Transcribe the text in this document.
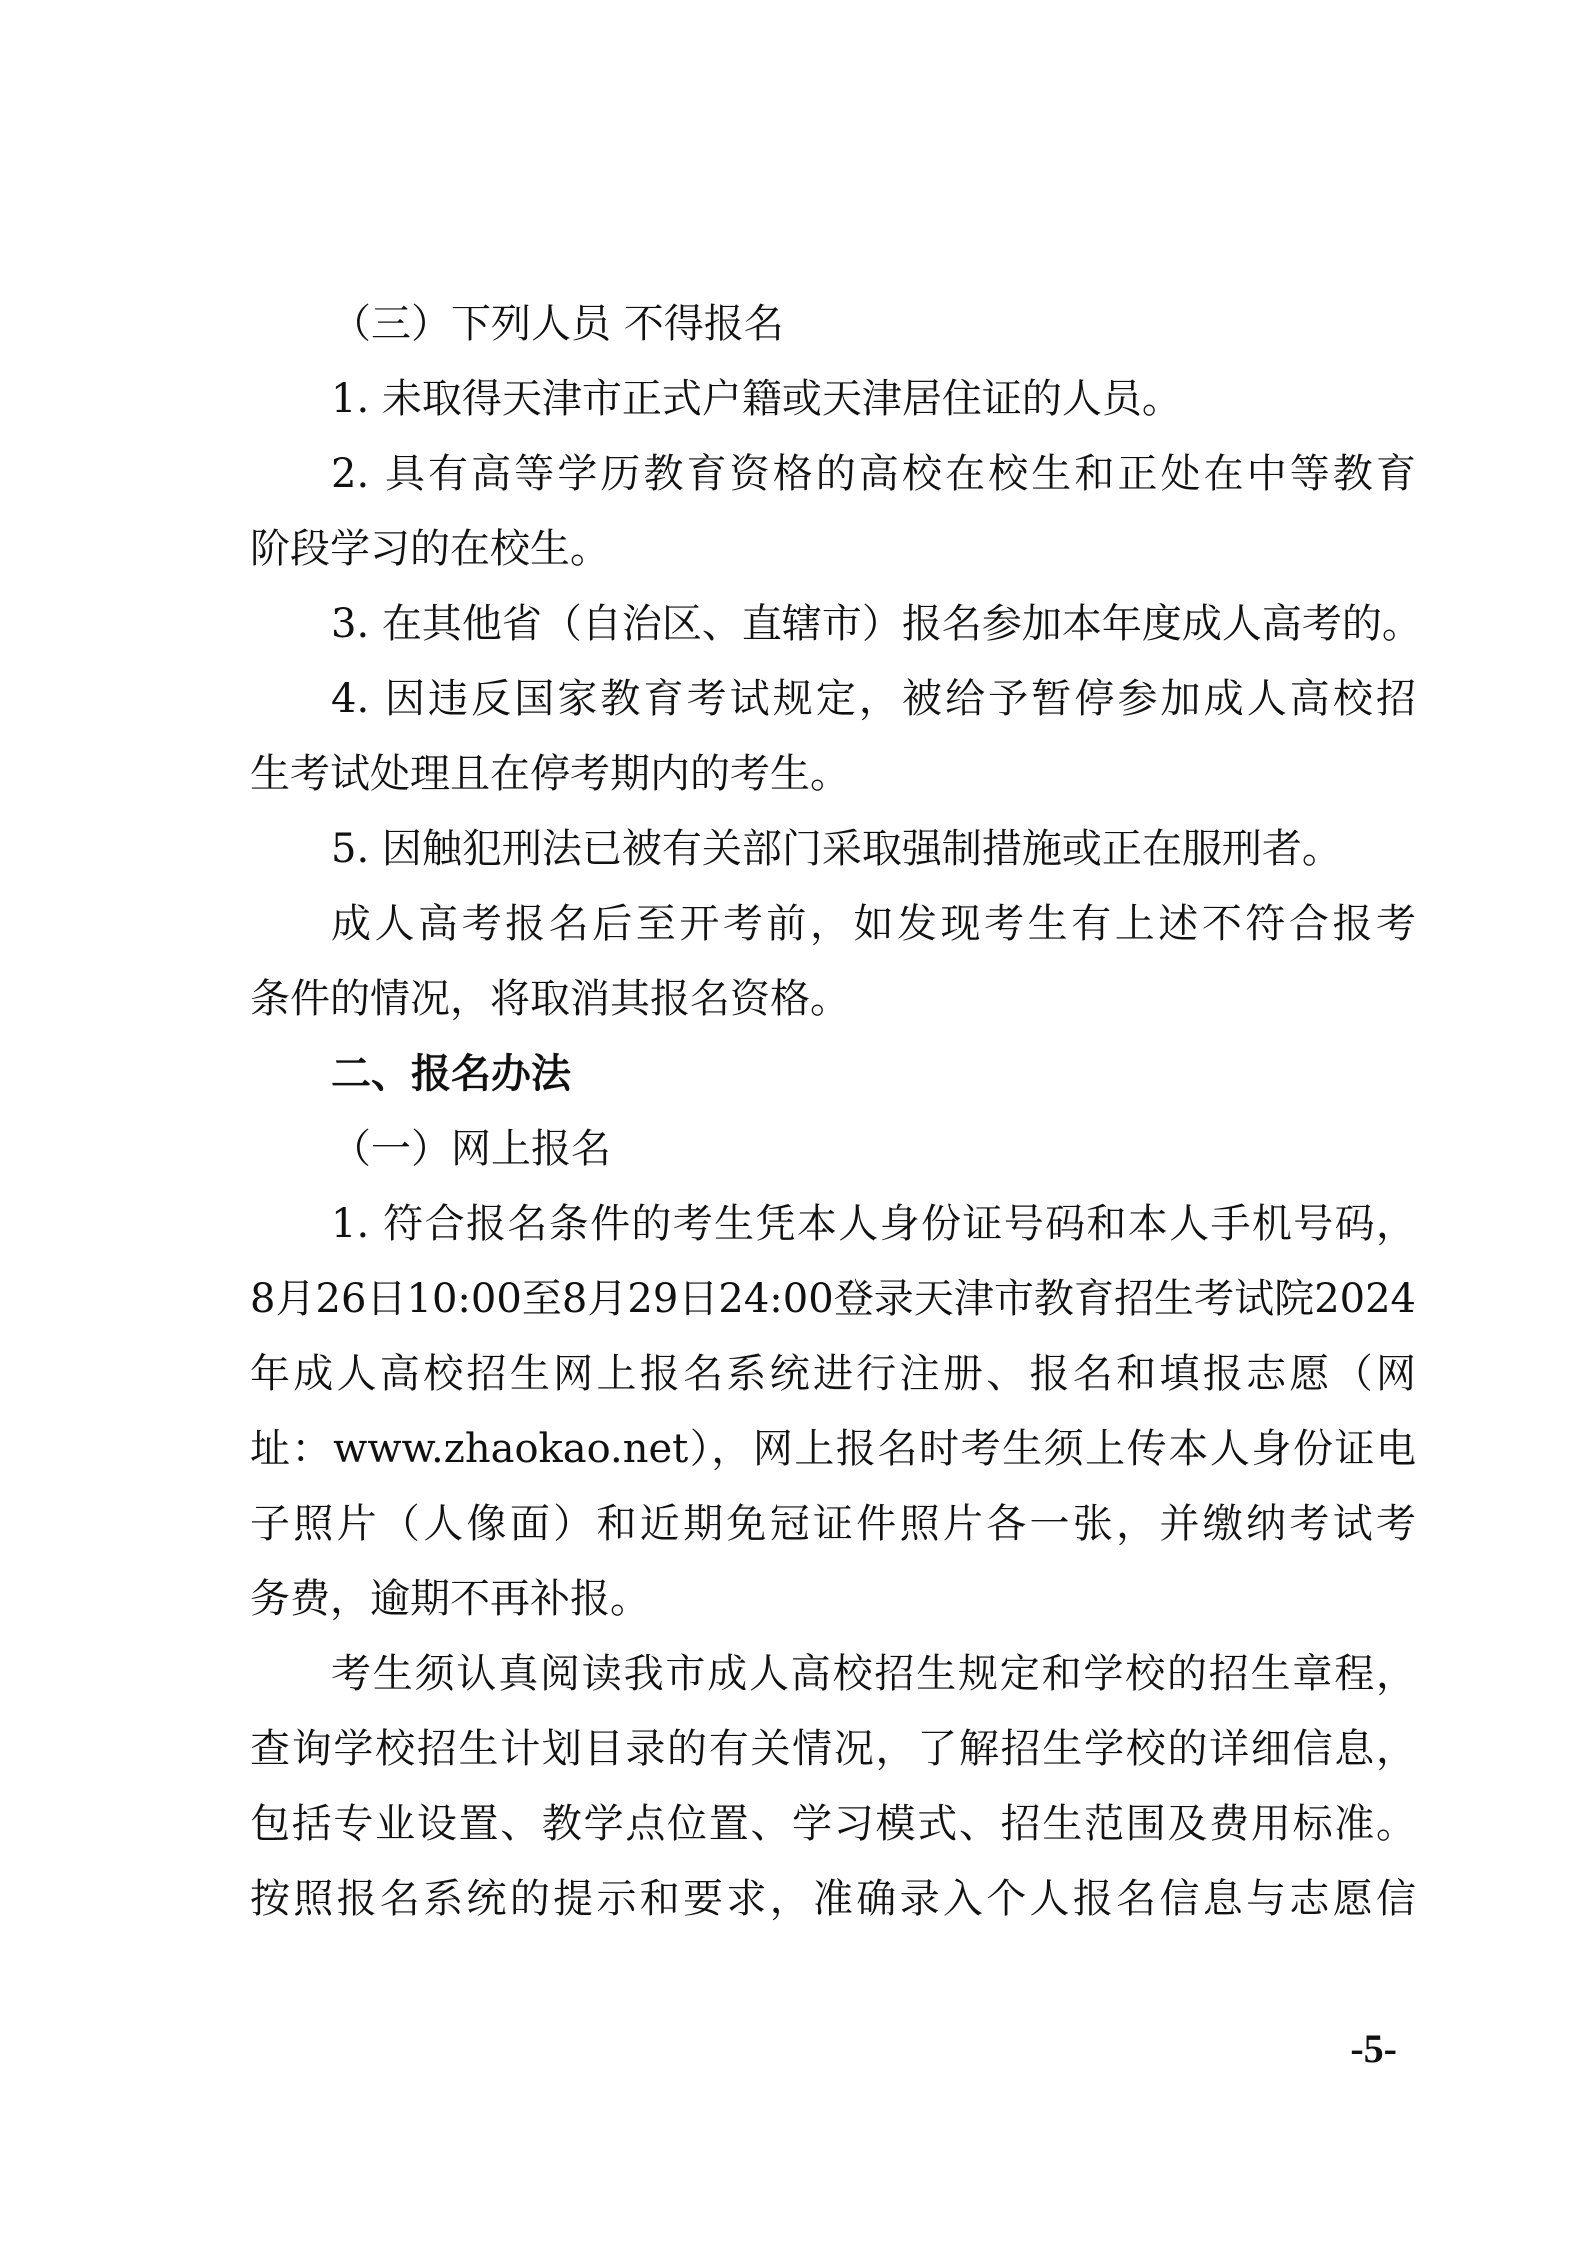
（三）下列人员 不得报名
1. 未取得天津市正式户籍或天津居住证的人员。
2. 具有高等学历教育资格的高校在校生和正处在中等教育
阶段学习的在校生。
3. 在其他省（自治区、直辖市）报名参加本年度成人高考的。
4. 因违反国家教育考试规定，被给予暂停参加成人高校招
生考试处理且在停考期内的考生。
5. 因触犯刑法已被有关部门采取强制措施或正在服刑者。
成人高考报名后至开考前，如发现考生有上述不符合报考
条件的情况，将取消其报名资格。
二、报名办法
（一）网上报名
1. 符合报名条件的考生凭本人身份证号码和本人手机号码，
8月26日10:00至8月29日24:00登录天津市教育招生考试院2024
年成人高校招生网上报名系统进行注册、报名和填报志愿（网
址：www.zhaokao.net），网上报名时考生须上传本人身份证电
子照片（人像面）和近期免冠证件照片各一张，并缴纳考试考
务费，逾期不再补报。
考生须认真阅读我市成人高校招生规定和学校的招生章程，
查询学校招生计划目录的有关情况，了解招生学校的详细信息，
包括专业设置、教学点位置、学习模式、招生范围及费用标准。
按照报名系统的提示和要求，准确录入个人报名信息与志愿信
-5-
